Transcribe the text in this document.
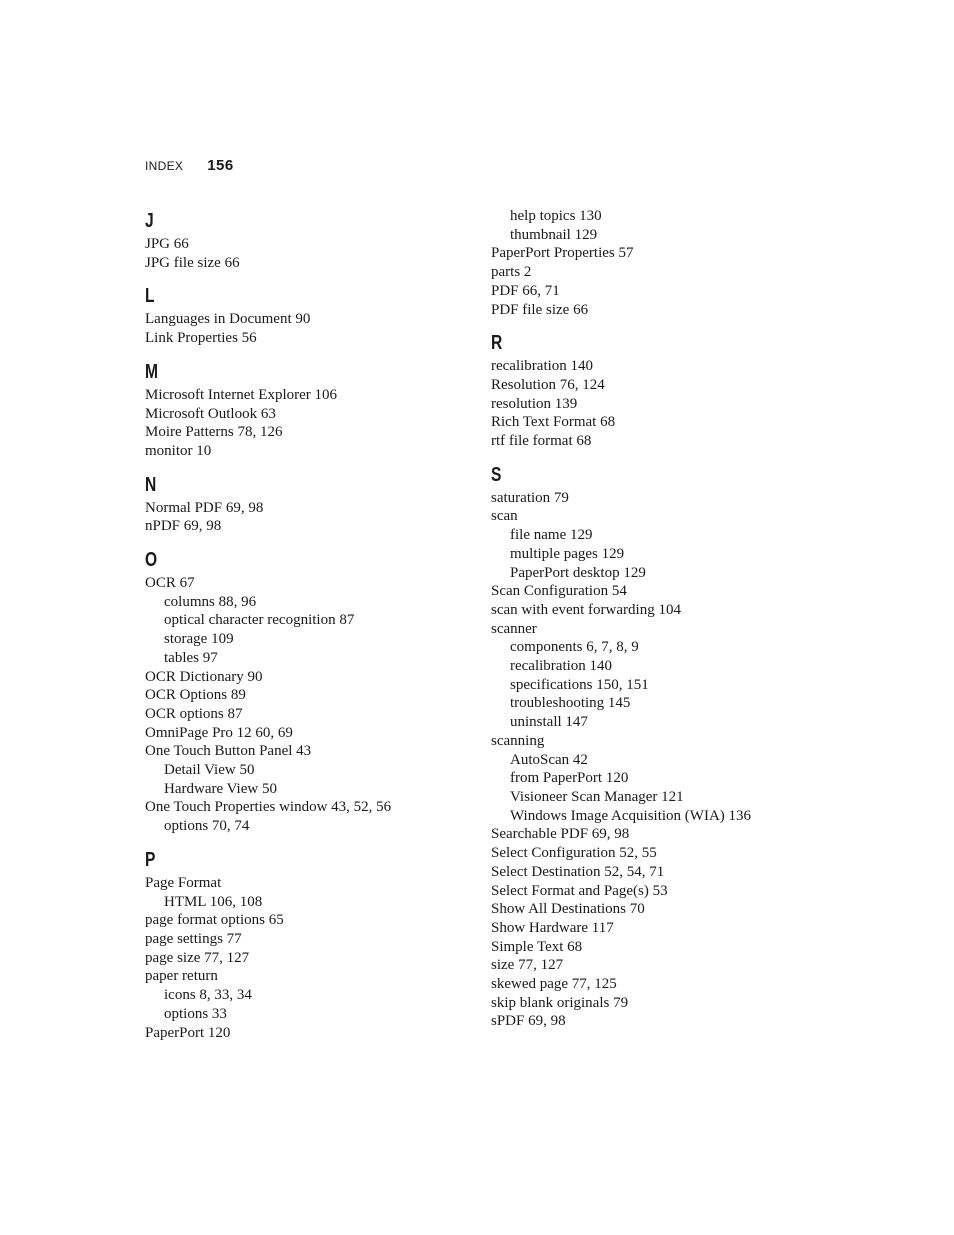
INDEX 156
J
JPG 66
JPG file size 66
L
Languages in Document 90
Link Properties 56
M
Microsoft Internet Explorer 106
Microsoft Outlook 63
Moire Patterns 78, 126
monitor 10
N
Normal PDF 69, 98
nPDF 69, 98
O
OCR 67
columns 88, 96
optical character recognition 87
storage 109
tables 97
OCR Dictionary 90
OCR Options 89
OCR options 87
OmniPage Pro 12 60, 69
One Touch Button Panel 43
Detail View 50
Hardware View 50
One Touch Properties window 43, 52, 56
options 70, 74
P
Page Format
HTML 106, 108
page format options 65
page settings 77
page size 77, 127
paper return
icons 8, 33, 34
options 33
PaperPort 120
help topics 130
thumbnail 129
PaperPort Properties 57
parts 2
PDF 66, 71
PDF file size 66
R
recalibration 140
Resolution 76, 124
resolution 139
Rich Text Format 68
rtf file format 68
S
saturation 79
scan
file name 129
multiple pages 129
PaperPort desktop 129
Scan Configuration 54
scan with event forwarding 104
scanner
components 6, 7, 8, 9
recalibration 140
specifications 150, 151
troubleshooting 145
uninstall 147
scanning
AutoScan 42
from PaperPort 120
Visioneer Scan Manager 121
Windows Image Acquisition (WIA) 136
Searchable PDF 69, 98
Select Configuration 52, 55
Select Destination 52, 54, 71
Select Format and Page(s) 53
Show All Destinations 70
Show Hardware 117
Simple Text 68
size 77, 127
skewed page 77, 125
skip blank originals 79
sPDF 69, 98
